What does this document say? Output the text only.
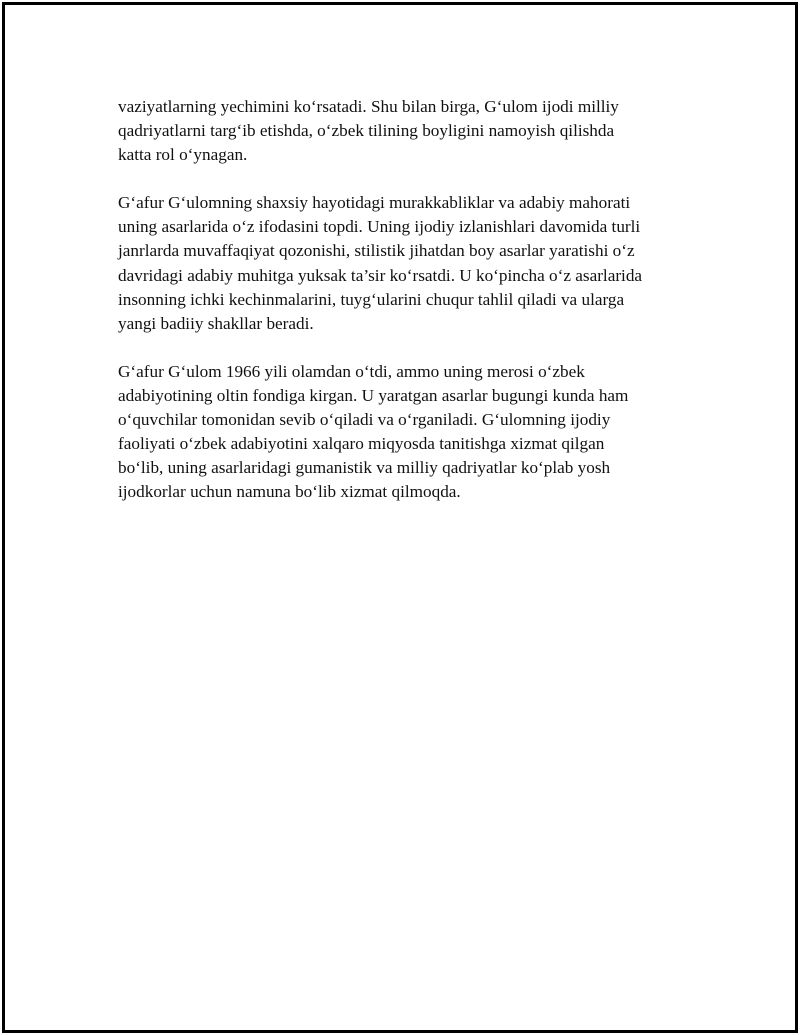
vaziyatlarning yechimini ko‘rsatadi. Shu bilan birga, G‘ulom ijodi milliy
qadriyatlarni targ‘ib etishda, o‘zbek tilining boyligini namoyish qilishda
katta rol o‘ynagan.

G‘afur G‘ulomning shaxsiy hayotidagi murakkabliklar va adabiy mahorati
uning asarlarida o‘z ifodasini topdi. Uning ijodiy izlanishlari davomida turli
janrlarda muvaffaqiyat qozonishi, stilistik jihatdan boy asarlar yaratishi o‘z
davridagi adabiy muhitga yuksak ta’sir ko‘rsatdi. U ko‘pincha o‘z asarlarida
insonning ichki kechinmalarini, tuyg‘ularini chuqur tahlil qiladi va ularga
yangi badiiy shakllar beradi.

G‘afur G‘ulom 1966 yili olamdan o‘tdi, ammo uning merosi o‘zbek
adabiyotining oltin fondiga kirgan. U yaratgan asarlar bugungi kunda ham
o‘quvchilar tomonidan sevib o‘qiladi va o‘rganiladi. G‘ulomning ijodiy
faoliyati o‘zbek adabiyotini xalqaro miqyosda tanitishga xizmat qilgan
bo‘lib, uning asarlaridagi gumanistik va milliy qadriyatlar ko‘plab yosh
ijodkorlar uchun namuna bo‘lib xizmat qilmoqda.
